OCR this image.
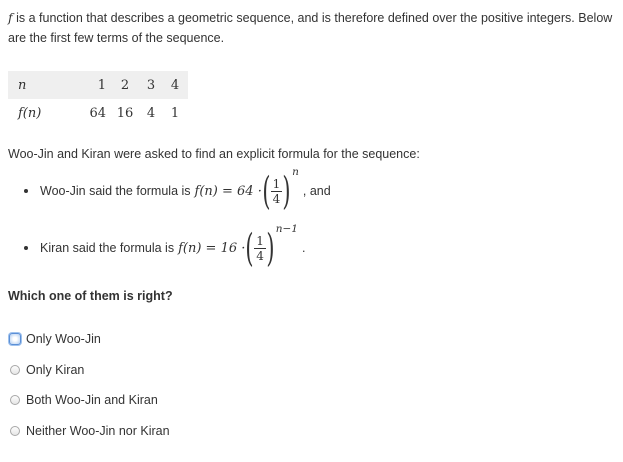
f is a function that describes a geometric sequence, and is therefore defined over the positive integers. Below are the first few terms of the sequence.
n	1	2	3	4
f(n)	64	16	4	1
Woo-Jin and Kiran were asked to find an explicit formula for the sequence:
Woo-Jin said the formula is f(n) = 64 · ( $\frac{1}{4}$ ) n
, and
Kiran said the formula is f(n) = 16 · ( $\frac{1}{4}$ ) n−1
.
Which one of them is right?
Only Woo-Jin
Only Kiran
Both Woo-Jin and Kiran
Neither Woo-Jin nor Kiran
